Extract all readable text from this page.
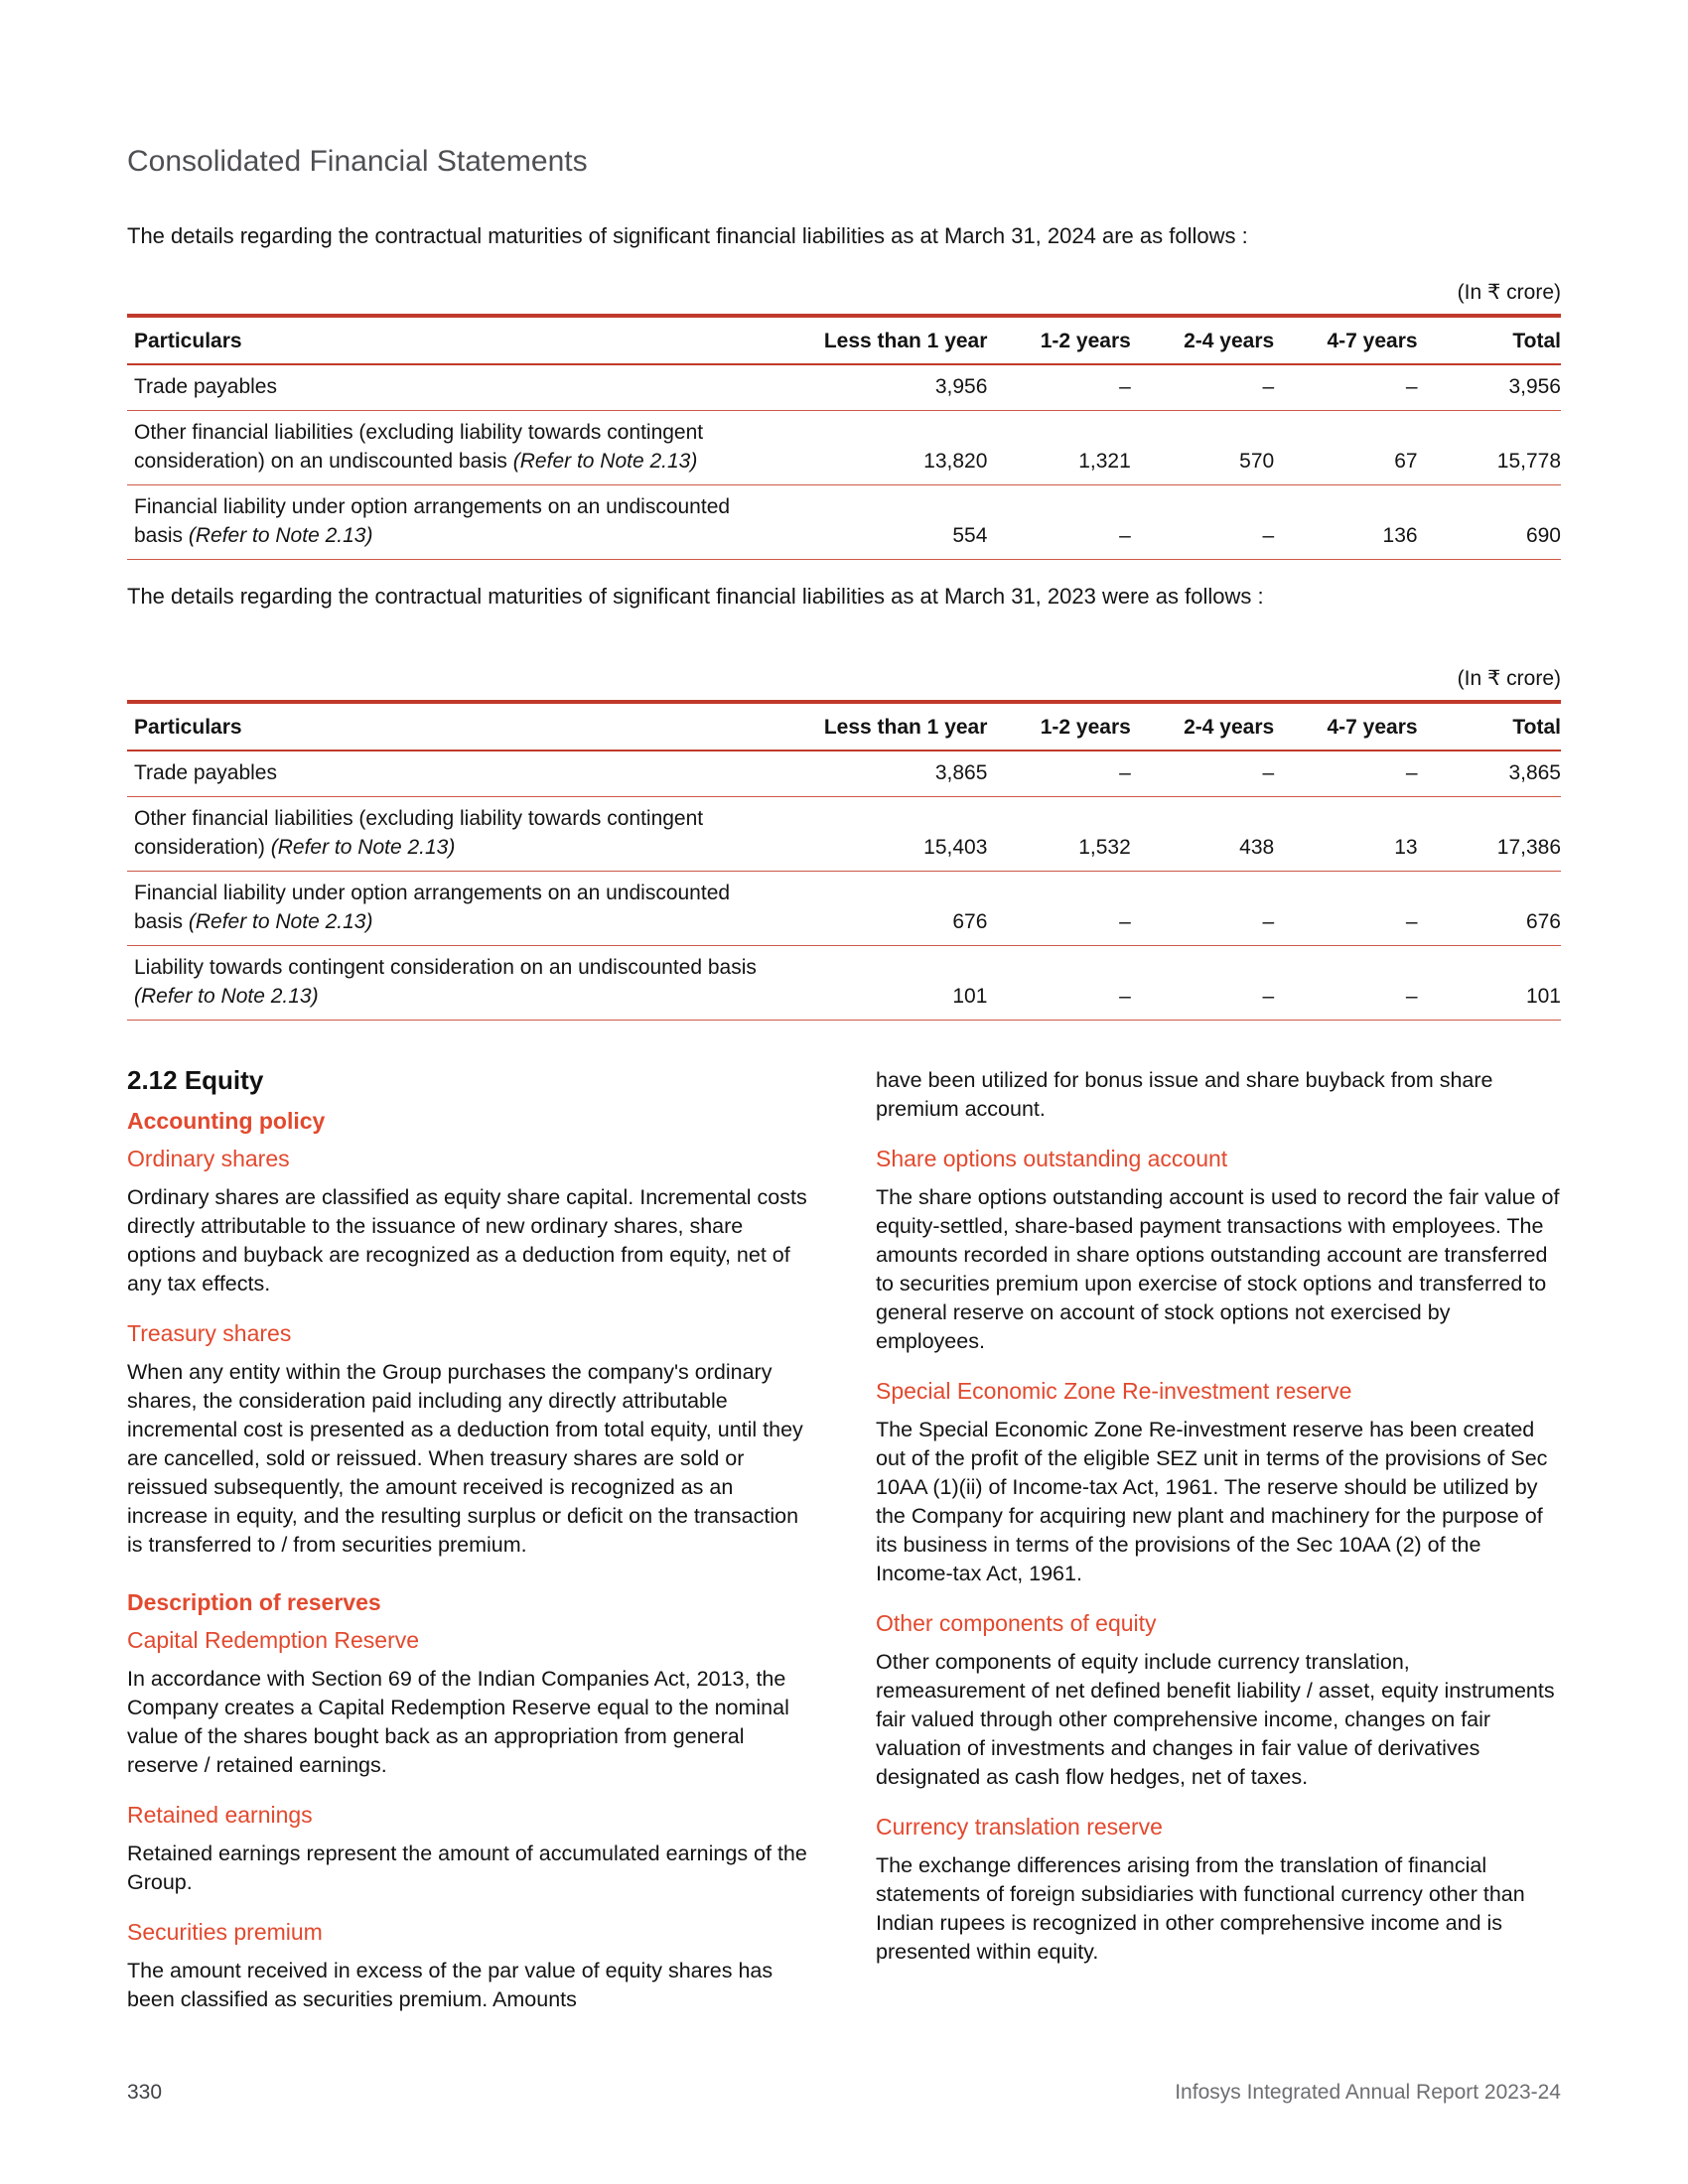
Consolidated Financial Statements

The details regarding the contractual maturities of significant financial liabilities as at March 31, 2024 are as follows :

(In ₹ crore)
Particulars	Less than 1 year	1-2 years	2-4 years	4-7 years	Total
Trade payables	3,956	–	–	–	3,956
Other financial liabilities (excluding liability towards contingent consideration) on an undiscounted basis (Refer to Note 2.13)	13,820	1,321	570	67	15,778
Financial liability under option arrangements on an undiscounted basis (Refer to Note 2.13)	554	–	–	136	690

The details regarding the contractual maturities of significant financial liabilities as at March 31, 2023 were as follows :

(In ₹ crore)
Particulars	Less than 1 year	1-2 years	2-4 years	4-7 years	Total
Trade payables	3,865	–	–	–	3,865
Other financial liabilities (excluding liability towards contingent consideration) (Refer to Note 2.13)	15,403	1,532	438	13	17,386
Financial liability under option arrangements on an undiscounted basis (Refer to Note 2.13)	676	–	–	–	676
Liability towards contingent consideration on an undiscounted basis (Refer to Note 2.13)	101	–	–	–	101
2.12 Equity
Accounting policy
Ordinary shares

Ordinary shares are classified as equity share capital. Incremental costs directly attributable to the issuance of new ordinary shares, share options and buyback are recognized as a deduction from equity, net of any tax effects.

Treasury shares

When any entity within the Group purchases the company's ordinary shares, the consideration paid including any directly attributable incremental cost is presented as a deduction from total equity, until they are cancelled, sold or reissued. When treasury shares are sold or reissued subsequently, the amount received is recognized as an increase in equity, and the resulting surplus or deficit on the transaction is transferred to / from securities premium.

Description of reserves
Capital Redemption Reserve

In accordance with Section 69 of the Indian Companies Act, 2013, the Company creates a Capital Redemption Reserve equal to the nominal value of the shares bought back as an appropriation from general reserve / retained earnings.

Retained earnings

Retained earnings represent the amount of accumulated earnings of the Group.

Securities premium

The amount received in excess of the par value of equity shares has been classified as securities premium. Amounts

have been utilized for bonus issue and share buyback from share premium account.

Share options outstanding account

The share options outstanding account is used to record the fair value of equity-settled, share-based payment transactions with employees. The amounts recorded in share options outstanding account are transferred to securities premium upon exercise of stock options and transferred to general reserve on account of stock options not exercised by employees.

Special Economic Zone Re-investment reserve

The Special Economic Zone Re-investment reserve has been created out of the profit of the eligible SEZ unit in terms of the provisions of Sec 10AA (1)(ii) of Income-tax Act, 1961. The reserve should be utilized by the Company for acquiring new plant and machinery for the purpose of its business in terms of the provisions of the Sec 10AA (2) of the Income-tax Act, 1961.

Other components of equity

Other components of equity include currency translation, remeasurement of net defined benefit liability / asset, equity instruments fair valued through other comprehensive income, changes on fair valuation of investments and changes in fair value of derivatives designated as cash flow hedges, net of taxes.

Currency translation reserve

The exchange differences arising from the translation of financial statements of foreign subsidiaries with functional currency other than Indian rupees is recognized in other comprehensive income and is presented within equity.

330	Infosys Integrated Annual Report 2023-24
